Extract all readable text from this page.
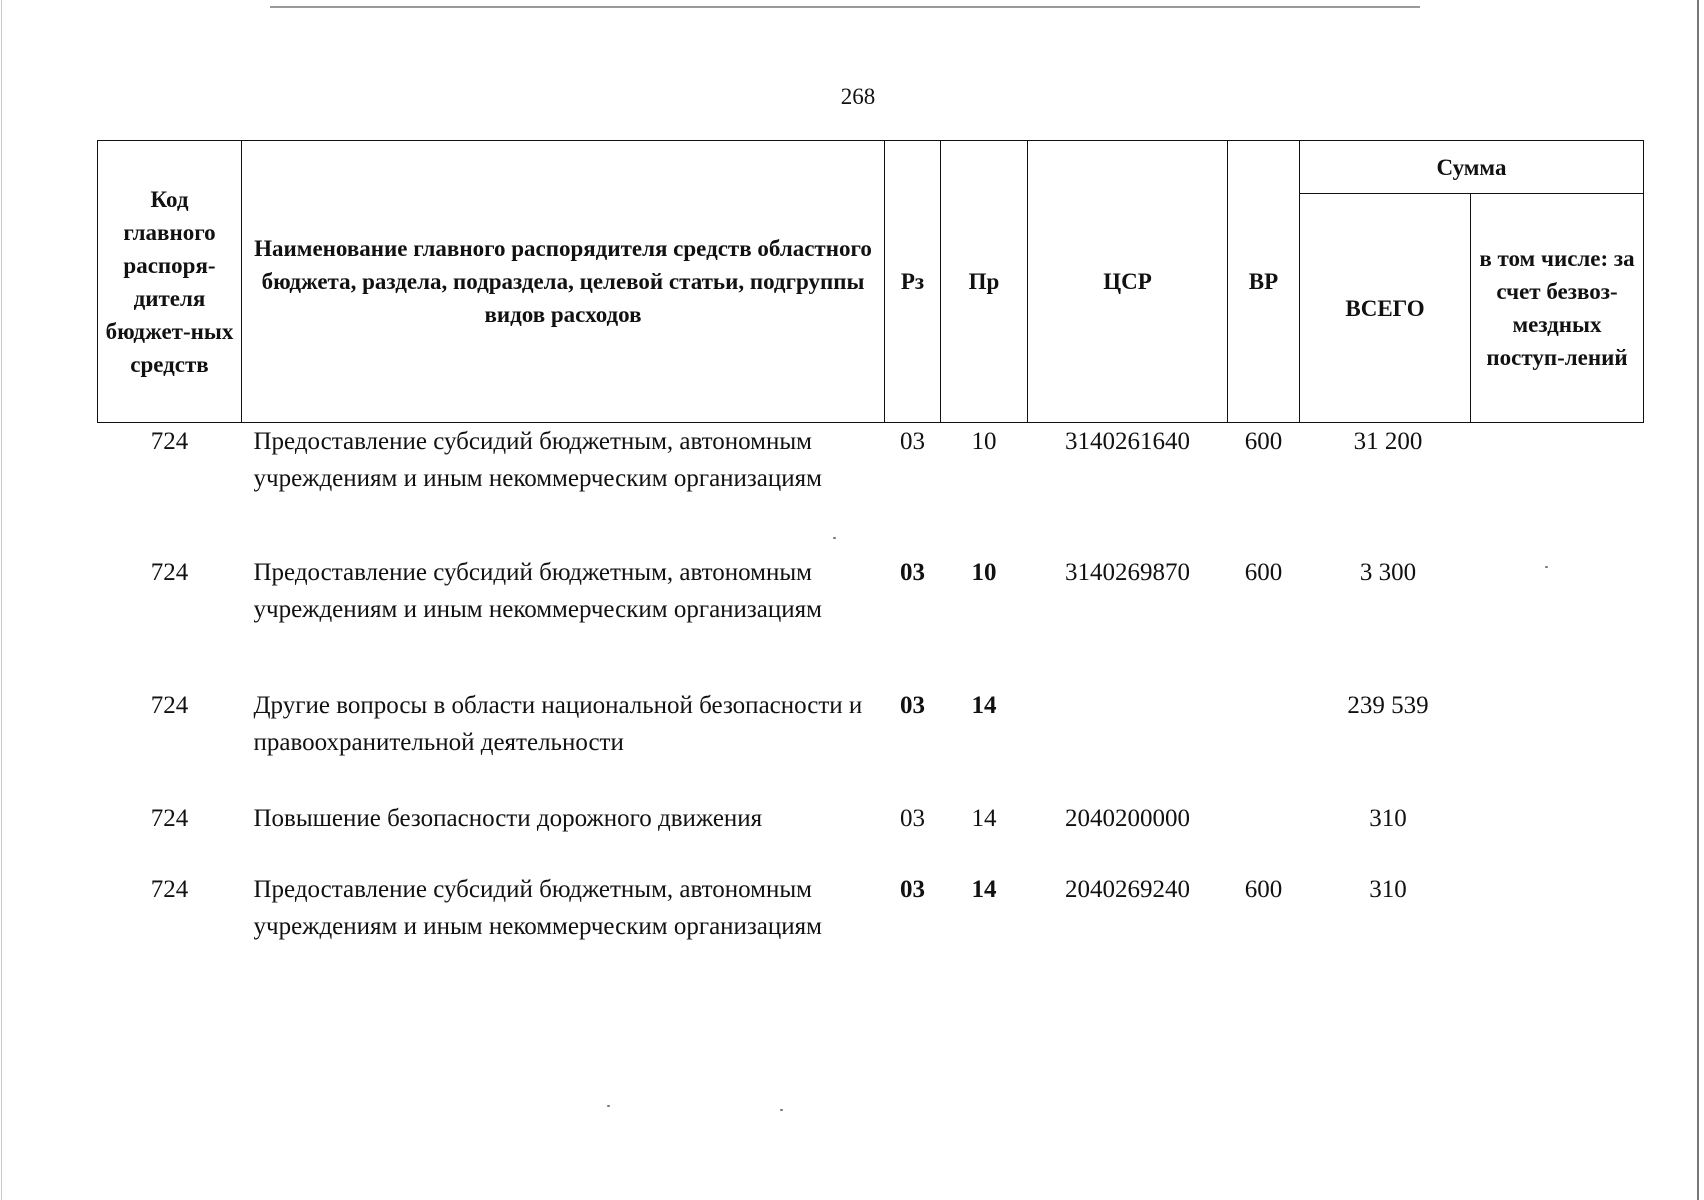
268
Код главного распоря-дителя бюджет-ных средств	Наименование главного распорядителя средств областного бюджета, раздела, подраздела, целевой статьи, подгруппы видов расходов	Рз	Пр	ЦСР	ВР	Сумма	
						ВСЕГО	в том числе: за счет безвоз-мездных поступ-лений
724	Предоставление субсидий бюджетным, автономным учреждениям и иным некоммерческим организациям	03	10	3140261640	600	31 200	
724	Предоставление субсидий бюджетным, автономным учреждениям и иным некоммерческим организациям	03	10	3140269870	600	3 300	
724	Другие вопросы в области национальной безопасности и правоохранительной деятельности	03	14			239 539	
724	Повышение безопасности дорожного движения	03	14	2040200000		310	
724	Предоставление субсидий бюджетным, автономным учреждениям и иным некоммерческим организациям	03	14	2040269240	600	310	
